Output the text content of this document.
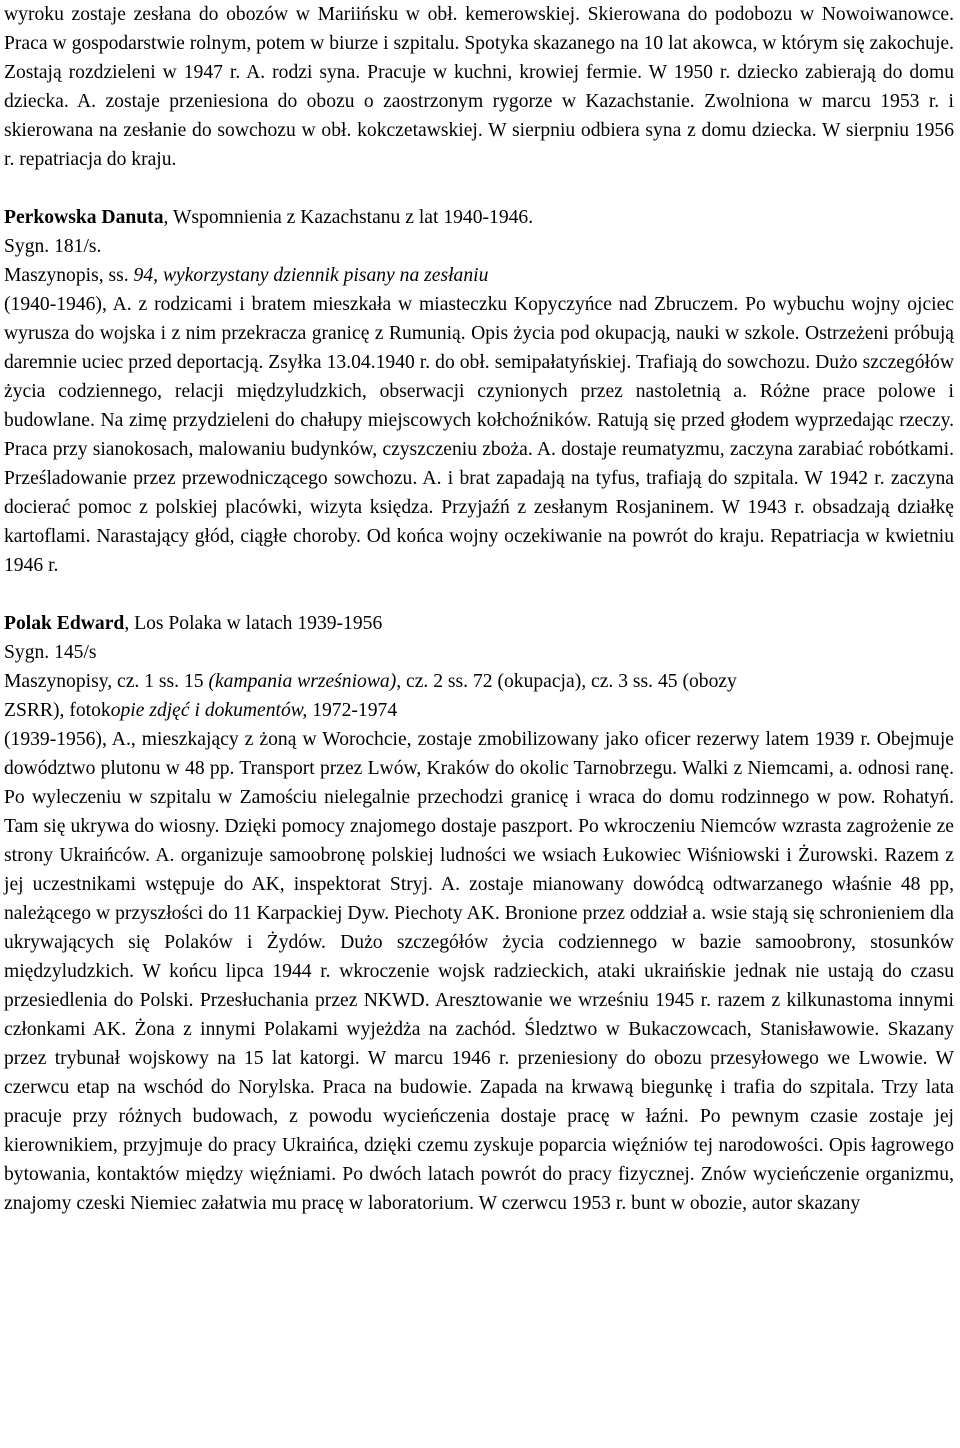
wyroku zostaje zesłana do obozów w Mariińsku w obł. kemerowskiej. Skierowana do podobozu w Nowoiwanowce. Praca w gospodarstwie rolnym, potem w biurze i szpitalu. Spotyka skazanego na 10 lat akowca, w którym się zakochuje. Zostają rozdzieleni w 1947 r. A. rodzi syna. Pracuje w kuchni, krowiej fermie. W 1950 r. dziecko zabierają do domu dziecka. A. zostaje przeniesiona do obozu o zaostrzonym rygorze w Kazachstanie. Zwolniona w marcu 1953 r. i skierowana na zesłanie do sowchozu w obł. kokczetawskiej. W sierpniu odbiera syna z domu dziecka. W sierpniu 1956 r. repatriacja do kraju.

Perkowska Danuta, Wspomnienia z Kazachstanu z lat 1940-1946.

Sygn. 181/s.
Maszynopis, ss. 94, wykorzystany dziennik pisany na zesłaniu

(1940-1946), A. z rodzicami i bratem mieszkała w miasteczku Kopyczyńce nad Zbruczem. Po wybuchu wojny ojciec wyrusza do wojska i z nim przekracza granicę z Rumunią. Opis życia pod okupacją, nauki w szkole. Ostrzeżeni próbują daremnie uciec przed deportacją. Zsyłka 13.04.1940 r. do obł. semipałatyńskiej. Trafiają do sowchozu. Dużo szczegółów życia codziennego, relacji międzyludzkich, obserwacji czynionych przez nastoletnią a. Różne prace polowe i budowlane. Na zimę przydzieleni do chałupy miejscowych kołchoźników. Ratują się przed głodem wyprzedając rzeczy. Praca przy sianokosach, malowaniu budynków, czyszczeniu zboża. A. dostaje reumatyzmu, zaczyna zarabiać robótkami. Prześladowanie przez przewodniczącego sowchozu. A. i brat zapadają na tyfus, trafiają do szpitala. W 1942 r. zaczyna docierać pomoc z polskiej placówki, wizyta księdza. Przyjaźń z zesłanym Rosjaninem. W 1943 r. obsadzają działkę kartoflami. Narastający głód, ciągłe choroby. Od końca wojny oczekiwanie na powrót do kraju. Repatriacja w kwietniu 1946 r.

Polak Edward, Los Polaka w latach 1939-1956

Sygn. 145/s
Maszynopisy, cz. 1 ss. 15 (kampania wrześniowa), cz. 2 ss. 72 (okupacja), cz. 3 ss. 45 (obozy
ZSRR), fotokopie zdjęć i dokumentów, 1972-1974

(1939-1956), A., mieszkający z żoną w Worochcie, zostaje zmobilizowany jako oficer rezerwy latem 1939 r. Obejmuje dowództwo plutonu w 48 pp. Transport przez Lwów, Kraków do okolic Tarnobrzegu. Walki z Niemcami, a. odnosi ranę. Po wyleczeniu w szpitalu w Zamościu nielegalnie przechodzi granicę i wraca do domu rodzinnego w pow. Rohatyń. Tam się ukrywa do wiosny. Dzięki pomocy znajomego dostaje paszport. Po wkroczeniu Niemców wzrasta zagrożenie ze strony Ukraińców. A. organizuje samoobronę polskiej ludności we wsiach Łukowiec Wiśniowski i Żurowski. Razem z jej uczestnikami wstępuje do AK, inspektorat Stryj. A. zostaje mianowany dowódcą odtwarzanego właśnie 48 pp, należącego w przyszłości do 11 Karpackiej Dyw. Piechoty AK. Bronione przez oddział a. wsie stają się schronieniem dla ukrywających się Polaków i Żydów. Dużo szczegółów życia codziennego w bazie samoobrony, stosunków międzyludzkich. W końcu lipca 1944 r. wkroczenie wojsk radzieckich, ataki ukraińskie jednak nie ustają do czasu przesiedlenia do Polski. Przesłuchania przez NKWD. Aresztowanie we wrześniu 1945 r. razem z kilkunastoma innymi członkami AK. Żona z innymi Polakami wyjeżdża na zachód. Śledztwo w Bukaczowcach, Stanisławowie. Skazany przez trybunał wojskowy na 15 lat katorgi. W marcu 1946 r. przeniesiony do obozu przesyłowego we Lwowie. W czerwcu etap na wschód do Norylska. Praca na budowie. Zapada na krwawą biegunkę i trafia do szpitala. Trzy lata pracuje przy różnych budowach, z powodu wycieńczenia dostaje pracę w łaźni. Po pewnym czasie zostaje jej kierownikiem, przyjmuje do pracy Ukraińca, dzięki czemu zyskuje poparcia więźniów tej narodowości. Opis łagrowego bytowania, kontaktów między więźniami. Po dwóch latach powrót do pracy fizycznej. Znów wycieńczenie organizmu, znajomy czeski Niemiec załatwia mu pracę w laboratorium. W czerwcu 1953 r. bunt w obozie, autor skazany
